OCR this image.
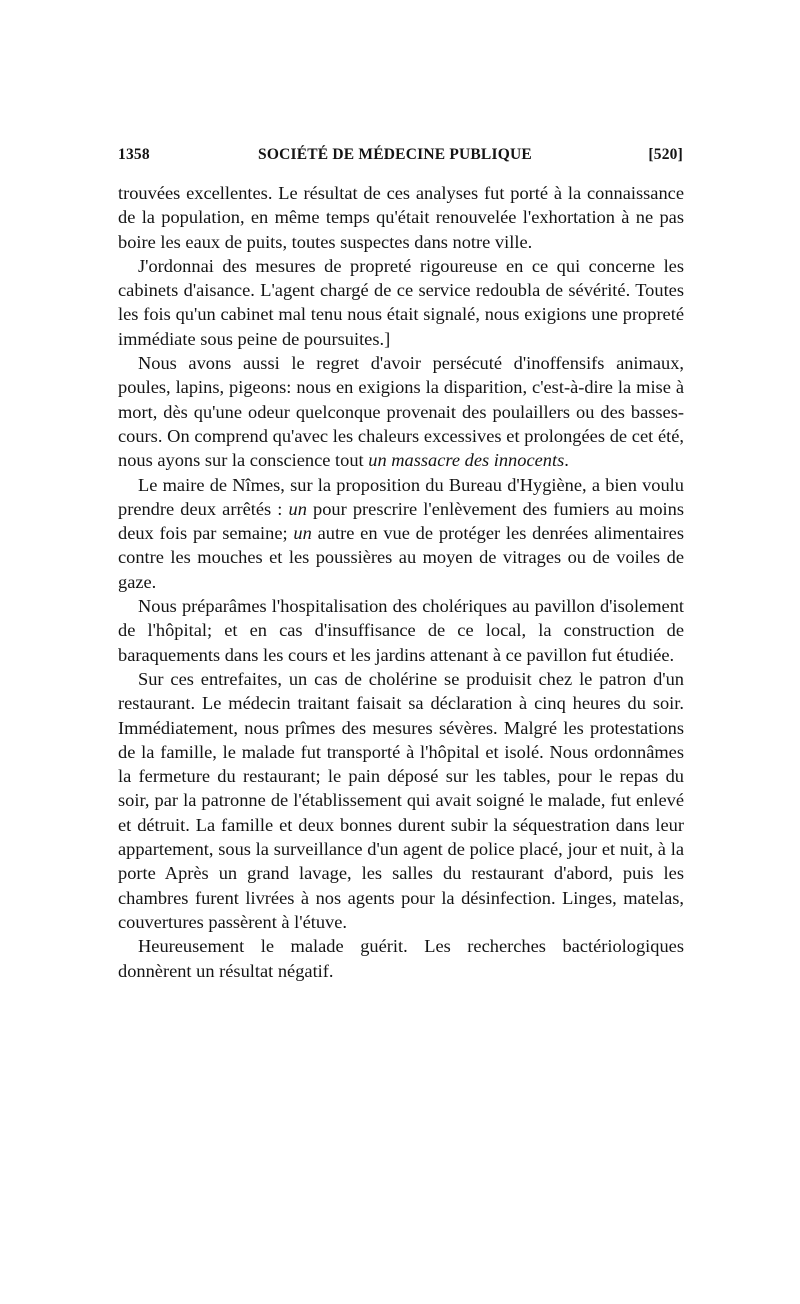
1358	SOCIÉTÉ DE MÉDECINE PUBLIQUE	[520]

trouvées excellentes. Le résultat de ces analyses fut porté à la connaissance de la population, en même temps qu'était renouvelée l'exhortation à ne pas boire les eaux de puits, toutes suspectes dans notre ville.

J'ordonnai des mesures de propreté rigoureuse en ce qui concerne les cabinets d'aisance. L'agent chargé de ce service redoubla de sévérité. Toutes les fois qu'un cabinet mal tenu nous était signalé, nous exigions une propreté immédiate sous peine de poursuites.]

Nous avons aussi le regret d'avoir persécuté d'inoffensifs animaux, poules, lapins, pigeons: nous en exigions la disparition, c'est-à-dire la mise à mort, dès qu'une odeur quelconque provenait des poulaillers ou des basses-cours. On comprend qu'avec les chaleurs excessives et prolongées de cet été, nous ayons sur la conscience tout un massacre des innocents.

Le maire de Nîmes, sur la proposition du Bureau d'Hygiène, a bien voulu prendre deux arrêtés : un pour prescrire l'enlèvement des fumiers au moins deux fois par semaine; un autre en vue de protéger les denrées alimentaires contre les mouches et les poussières au moyen de vitrages ou de voiles de gaze.

Nous préparâmes l'hospitalisation des cholériques au pavillon d'isolement de l'hôpital; et en cas d'insuffisance de ce local, la construction de baraquements dans les cours et les jardins attenant à ce pavillon fut étudiée.

Sur ces entrefaites, un cas de cholérine se produisit chez le patron d'un restaurant. Le médecin traitant faisait sa déclaration à cinq heures du soir. Immédiatement, nous prîmes des mesures sévères. Malgré les protestations de la famille, le malade fut transporté à l'hôpital et isolé. Nous ordonnâmes la fermeture du restaurant; le pain déposé sur les tables, pour le repas du soir, par la patronne de l'établissement qui avait soigné le malade, fut enlevé et détruit. La famille et deux bonnes durent subir la séquestration dans leur appartement, sous la surveillance d'un agent de police placé, jour et nuit, à la porte Après un grand lavage, les salles du restaurant d'abord, puis les chambres furent livrées à nos agents pour la désinfection. Linges, matelas, couvertures passèrent à l'étuve.

Heureusement le malade guérit. Les recherches bactériologiques donnèrent un résultat négatif.
